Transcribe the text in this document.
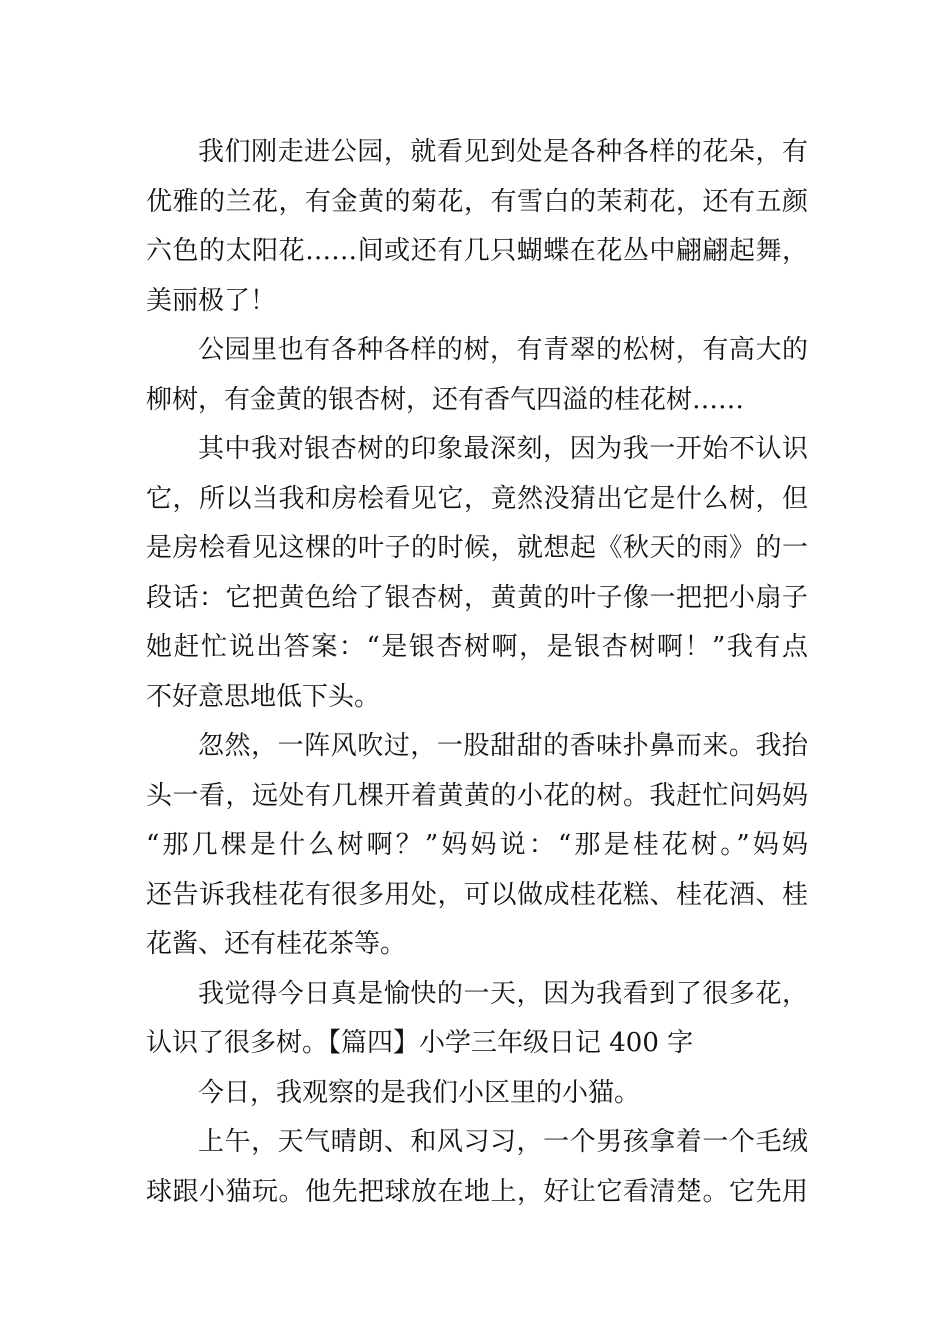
我们刚走进公园，就看见到处是各种各样的花朵，有
优雅的兰花，有金黄的菊花，有雪白的茉莉花，还有五颜
六色的太阳花……间或还有几只蝴蝶在花丛中翩翩起舞，
美丽极了！
公园里也有各种各样的树，有青翠的松树，有高大的
柳树，有金黄的银杏树，还有香气四溢的桂花树……
其中我对银杏树的印象最深刻，因为我一开始不认识
它，所以当我和房桧看见它，竟然没猜出它是什么树，但
是房桧看见这棵的叶子的时候，就想起《秋天的雨》的一
段话：它把黄色给了银杏树，黄黄的叶子像一把把小扇子
她赶忙说出答案：“是银杏树啊，是银杏树啊！”我有点
不好意思地低下头。
忽然，一阵风吹过，一股甜甜的香味扑鼻而来。我抬
头一看，远处有几棵开着黄黄的小花的树。我赶忙问妈妈
“那几棵是什么树啊？”妈妈说：“那是桂花树。”妈妈
还告诉我桂花有很多用处，可以做成桂花糕、桂花酒、桂
花酱、还有桂花茶等。
我觉得今日真是愉快的一天，因为我看到了很多花，
认识了很多树。【篇四】小学三年级日记 400 字
今日，我观察的是我们小区里的小猫。
上午，天气晴朗、和风习习，一个男孩拿着一个毛绒
球跟小猫玩。他先把球放在地上，好让它看清楚。它先用
